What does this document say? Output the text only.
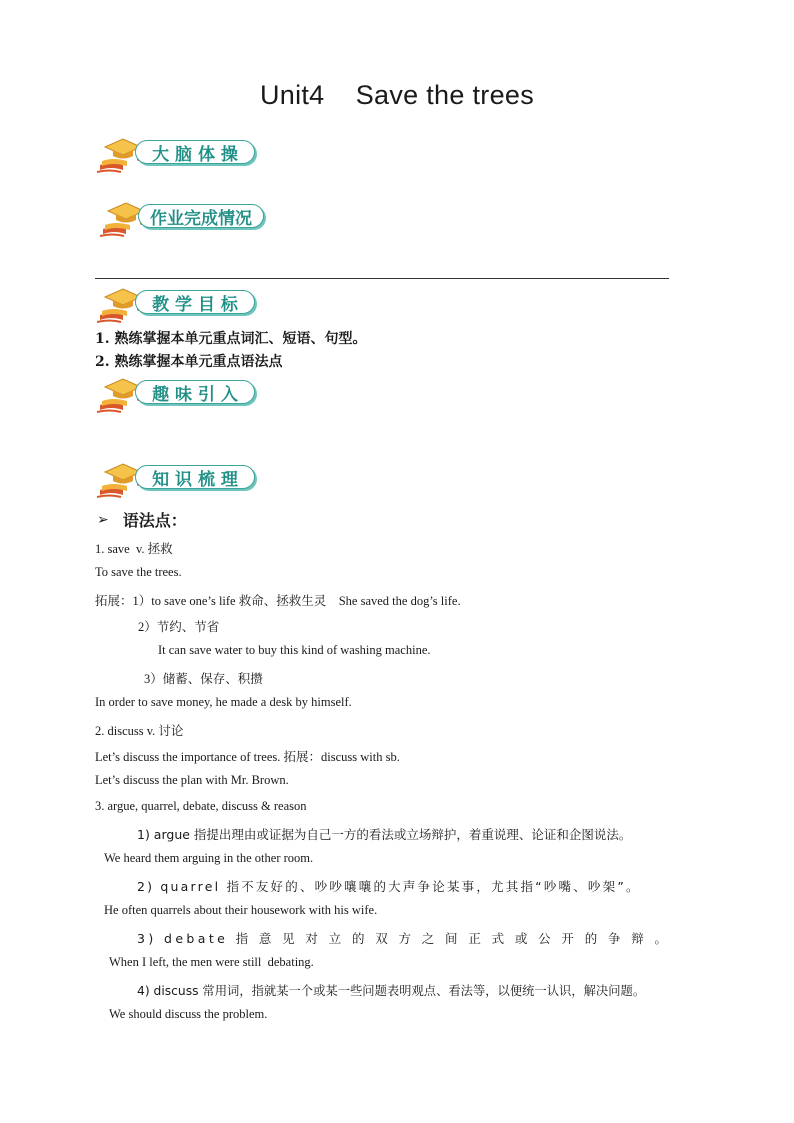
Unit4    Save the trees
大 脑 体 操
作业完成情况
教 学 目 标
1. 熟练掌握本单元重点词汇、短语、句型。
2. 熟练掌握本单元重点语法点
趣 味 引 入
知 识 梳 理
➢ 语法点：
1. save  v. 拯救
To save the trees.
拓展：1）to save one’s life 救命、拯救生灵    She saved the dog’s life.
2）节约、节省
It can save water to buy this kind of washing machine.
3）储蓄、保存、积攒
In order to save money, he made a desk by himself.
2. discuss v. 讨论
Let’s discuss the importance of trees. 拓展：discuss with sb.
Let’s discuss the plan with Mr. Brown.
3. argue, quarrel, debate, discuss & reason
1) argue 指提出理由或证据为自己一方的看法或立场辩护，着重说理、论证和企图说法。
We heard them arguing in the other room.
2) quarrel 指不友好的、吵吵嚷嚷的大声争论某事，尤其指“吵嘴、吵架”。
He often quarrels about their housework with his wife.
3) debate 指 意 见 对 立 的 双 方 之 间 正 式 或 公 开 的 争 辩 。
When I left, the men were still  debating.
4) discuss 常用词，指就某一个或某一些问题表明观点、看法等，以便统一认识，解决问题。
We should discuss the problem.
